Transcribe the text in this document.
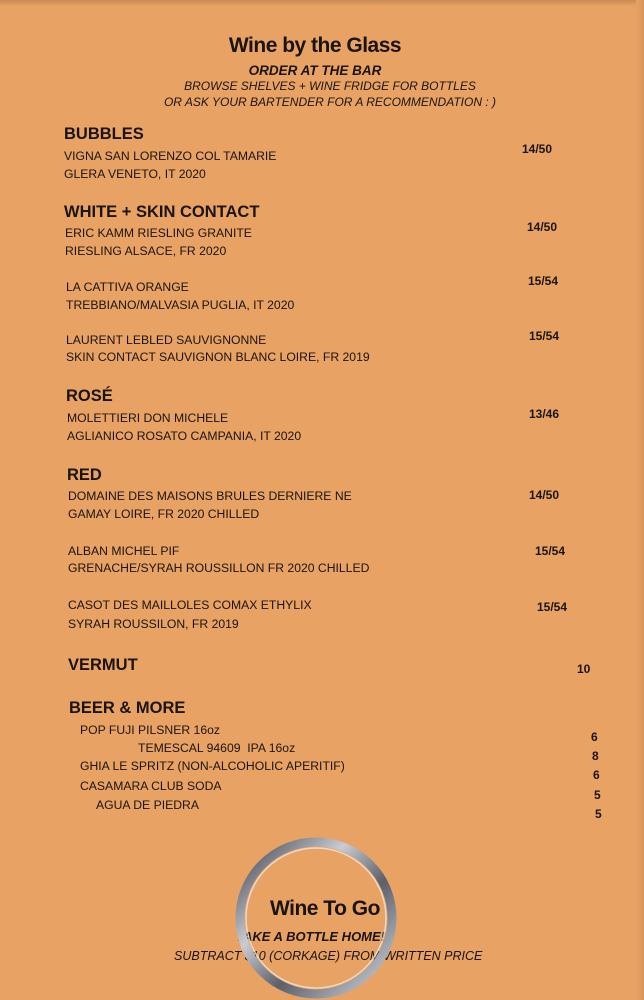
Wine by the Glass
ORDER AT THE BAR
BROWSE SHELVES + WINE FRIDGE FOR BOTTLES
OR ASK YOUR BARTENDER FOR A RECOMMENDATION : )
BUBBLES
VIGNA SAN LORENZO COL TAMARIE
GLERA VENETO, IT 2020
14/50
WHITE + SKIN CONTACT
ERIC KAMM RIESLING GRANITE
RIESLING ALSACE, FR 2020
14/50
LA CATTIVA ORANGE
TREBBIANO/MALVASIA PUGLIA, IT 2020
15/54
LAURENT LEBLED SAUVIGNONNE
SKIN CONTACT SAUVIGNON BLANC LOIRE, FR 2019
15/54
ROSÉ
MOLETTIERI DON MICHELE
AGLIANICO ROSATO CAMPANIA, IT 2020
13/46
RED
DOMAINE DES MAISONS BRULES DERNIERE NE
GAMAY LOIRE, FR 2020 CHILLED
14/50
ALBAN MICHEL PIF
GRENACHE/SYRAH ROUSSILLON FR 2020 CHILLED
15/54
CASOT DES MAILLOLES COMAX ETHYLIX
SYRAH ROUSSILON, FR 2019
15/54
VERMUT	10
BEER & MORE
POP FUJI PILSNER 16oz
TEMESCAL 94609  IPA 16oz
GHIA LE SPRITZ (NON-ALCOHOLIC APERITIF)
CASAMARA CLUB SODA
AGUA DE PIEDRA
6
8
6
5
5
Wine To Go
TAKE A BOTTLE HOME!
SUBTRACT $10 (CORKAGE) FROM WRITTEN PRICE
